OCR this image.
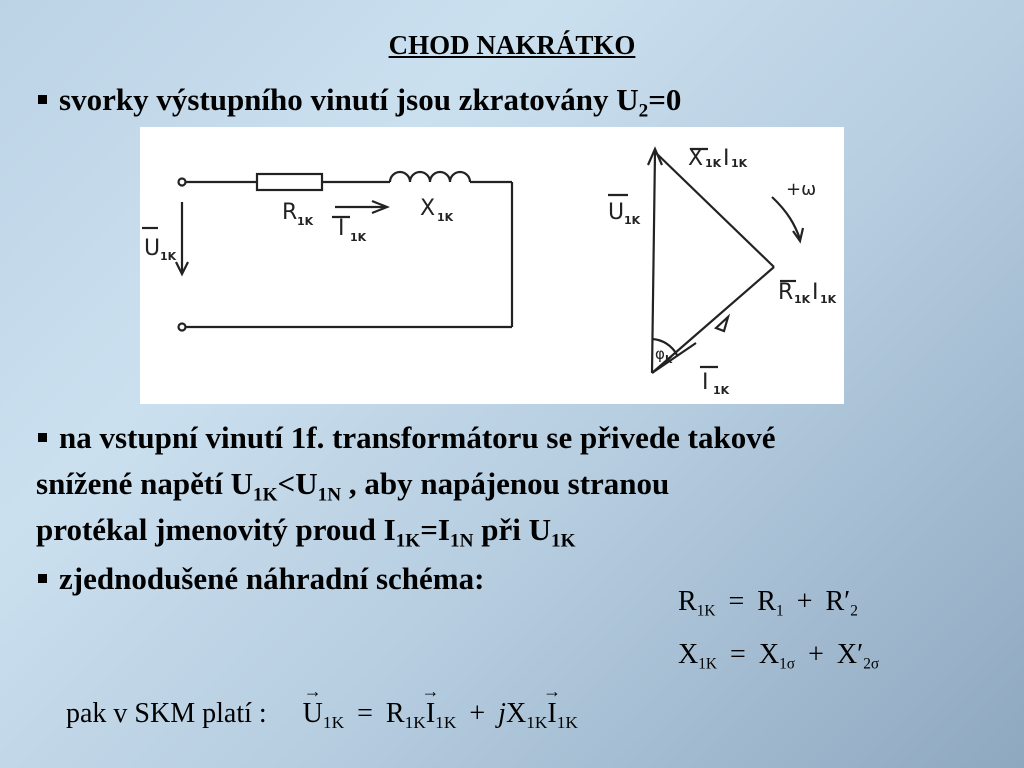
CHOD NAKRÁTKO
svorky výstupního vinutí jsou zkratovány $U_2=0$
R 1K
X 1K
I 1K
U 1K
U 1K
X 1K I 1K
R 1K I 1K
I 1K
φ k
+ω
na vstupní vinutí 1f. transformátoru se přivede takové
snížené napětí $U_{1K}<U_{1N}$ , aby napájenou stranou
protékal jmenovitý proud $I_{1K}=I_{1N}$ při $U_{1K}$
zjednodušené náhradní schéma:
$R_{1K} = R_1 + R'_2$
$X_{1K} = X_{1\sigma} + X'_{2\sigma}$
pak v SKM platí :  → $U_{1K} = R_{1K}\to I_{1K} + jX_{1K}\to I_{1K}$
